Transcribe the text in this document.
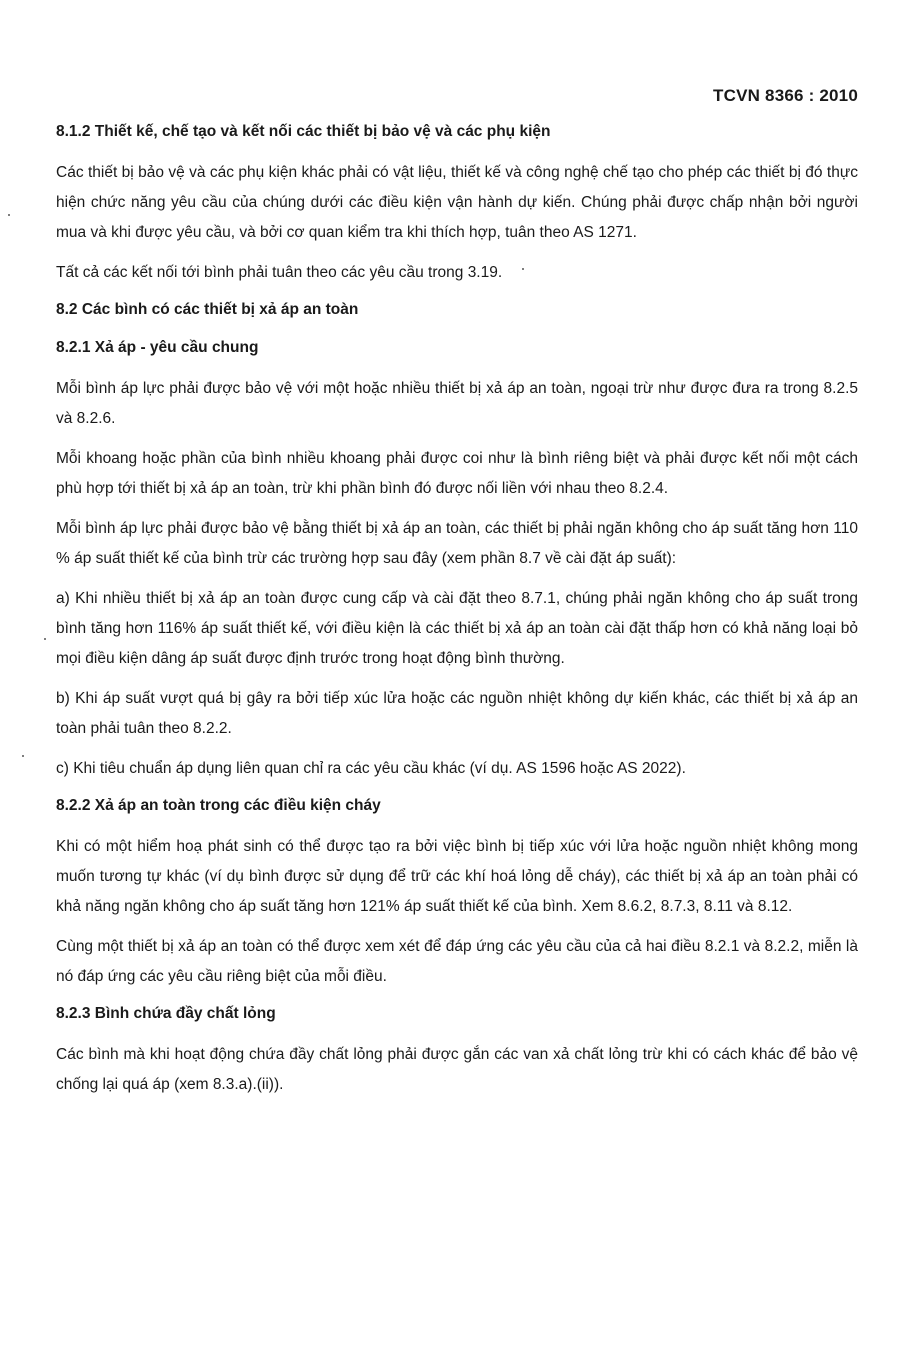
TCVN 8366 : 2010
8.1.2 Thiết kế, chế tạo và kết nối các thiết bị bảo vệ và các phụ kiện
Các thiết bị bảo vệ và các phụ kiện khác phải có vật liệu, thiết kế và công nghệ chế tạo cho phép các thiết bị đó thực hiện chức năng yêu cầu của chúng dưới các điều kiện vận hành dự kiến. Chúng phải được chấp nhận bởi người mua và khi được yêu cầu, và bởi cơ quan kiểm tra khi thích hợp, tuân theo AS 1271.
Tất cả các kết nối tới bình phải tuân theo các yêu cầu trong 3.19.
8.2 Các bình có các thiết bị xả áp an toàn
8.2.1 Xả áp - yêu cầu chung
Mỗi bình áp lực phải được bảo vệ với một hoặc nhiều thiết bị xả áp an toàn, ngoại trừ như được đưa ra trong 8.2.5 và 8.2.6.
Mỗi khoang hoặc phần của bình nhiều khoang phải được coi như là bình riêng biệt và phải được kết nối một cách phù hợp tới thiết bị xả áp an toàn, trừ khi phần bình đó được nối liền với nhau theo 8.2.4.
Mỗi bình áp lực phải được bảo vệ bằng thiết bị xả áp an toàn, các thiết bị phải ngăn không cho áp suất tăng hơn 110 % áp suất thiết kế của bình trừ các trường hợp sau đây (xem phần 8.7 về cài đặt áp suất):
a) Khi nhiều thiết bị xả áp an toàn được cung cấp và cài đặt theo 8.7.1, chúng phải ngăn không cho áp suất trong bình tăng hơn 116% áp suất thiết kế, với điều kiện là các thiết bị xả áp an toàn cài đặt thấp hơn có khả năng loại bỏ mọi điều kiện dâng áp suất được định trước trong hoạt động bình thường.
b) Khi áp suất vượt quá bị gây ra bởi tiếp xúc lửa hoặc các nguồn nhiệt không dự kiến khác, các thiết bị xả áp an toàn phải tuân theo 8.2.2.
c) Khi tiêu chuẩn áp dụng liên quan chỉ ra các yêu cầu khác (ví dụ. AS 1596 hoặc AS 2022).
8.2.2 Xả áp an toàn trong các điều kiện cháy
Khi có một hiểm hoạ phát sinh có thể được tạo ra bởi việc bình bị tiếp xúc với lửa hoặc nguồn nhiệt không mong muốn tương tự khác (ví dụ bình được sử dụng để trữ các khí hoá lỏng dễ cháy), các thiết bị xả áp an toàn phải có khả năng ngăn không cho áp suất tăng hơn 121% áp suất thiết kế của bình. Xem 8.6.2, 8.7.3, 8.11 và 8.12.
Cùng một thiết bị xả áp an toàn có thể được xem xét để đáp ứng các yêu cầu của cả hai điều 8.2.1 và 8.2.2, miễn là nó đáp ứng các yêu cầu riêng biệt của mỗi điều.
8.2.3 Bình chứa đầy chất lỏng
Các bình mà khi hoạt động chứa đầy chất lỏng phải được gắn các van xả chất lỏng trừ khi có cách khác để bảo vệ chống lại quá áp (xem 8.3.a).(ii)).
